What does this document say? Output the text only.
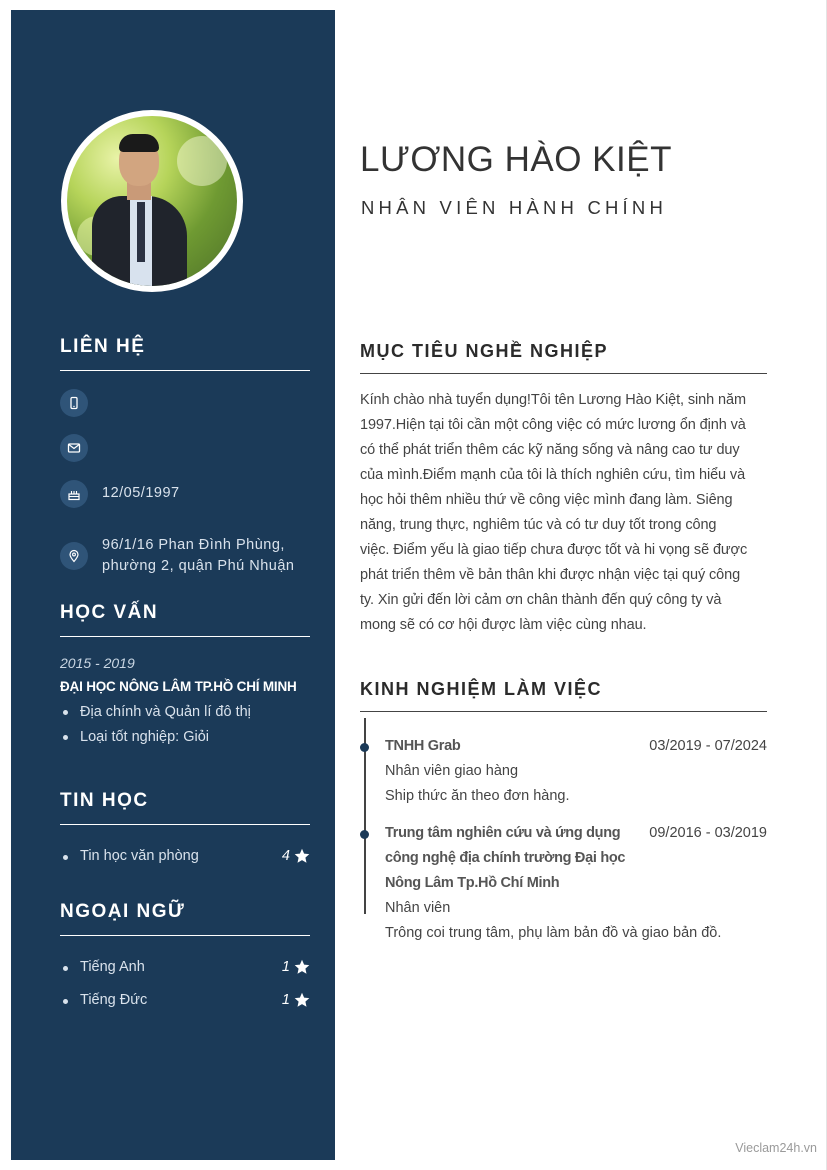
LIÊN HỆ
12/05/1997
96/1/16 Phan Đình Phùng,
phường 2, quận Phú Nhuận
HỌC VẤN
2015 - 2019
ĐẠI HỌC NÔNG LÂM TP.HỒ CHÍ MINH
Địa chính và Quản lí đô thị
Loại tốt nghiệp: Giỏi
TIN HỌC
Tin học văn phòng	4
NGOẠI NGỮ
Tiếng Anh	1
Tiếng Đức	1
LƯƠNG HÀO KIỆT
NHÂN VIÊN HÀNH CHÍNH
MỤC TIÊU NGHỀ NGHIỆP
Kính chào nhà tuyển dụng!Tôi tên Lương Hào Kiệt, sinh năm
1997.Hiện tại tôi cần một công việc có mức lương ổn định và
có thể phát triển thêm các kỹ năng sống và nâng cao tư duy
của mình.Điểm mạnh của tôi là thích nghiên cứu, tìm hiểu và
học hỏi thêm nhiều thứ về công việc mình đang làm. Siêng
năng, trung thực, nghiêm túc và có tư duy tốt trong công
việc. Điểm yếu là giao tiếp chưa được tốt và hi vọng sẽ được
phát triển thêm về bản thân khi được nhận việc tại quý công
ty. Xin gửi đến lời cảm ơn chân thành đến quý công ty và
mong sẽ có cơ hội được làm việc cùng nhau.
KINH NGHIỆM LÀM VIỆC
TNHH Grab	03/2019 - 07/2024
Nhân viên giao hàng
Ship thức ăn theo đơn hàng.
Trung tâm nghiên cứu và ứng dụng
công nghệ địa chính trường Đại học
Nông Lâm Tp.Hồ Chí Minh
09/2016 - 03/2019
Nhân viên
Trông coi trung tâm, phụ làm bản đồ và giao bản đồ.
Vieclam24h.vn
